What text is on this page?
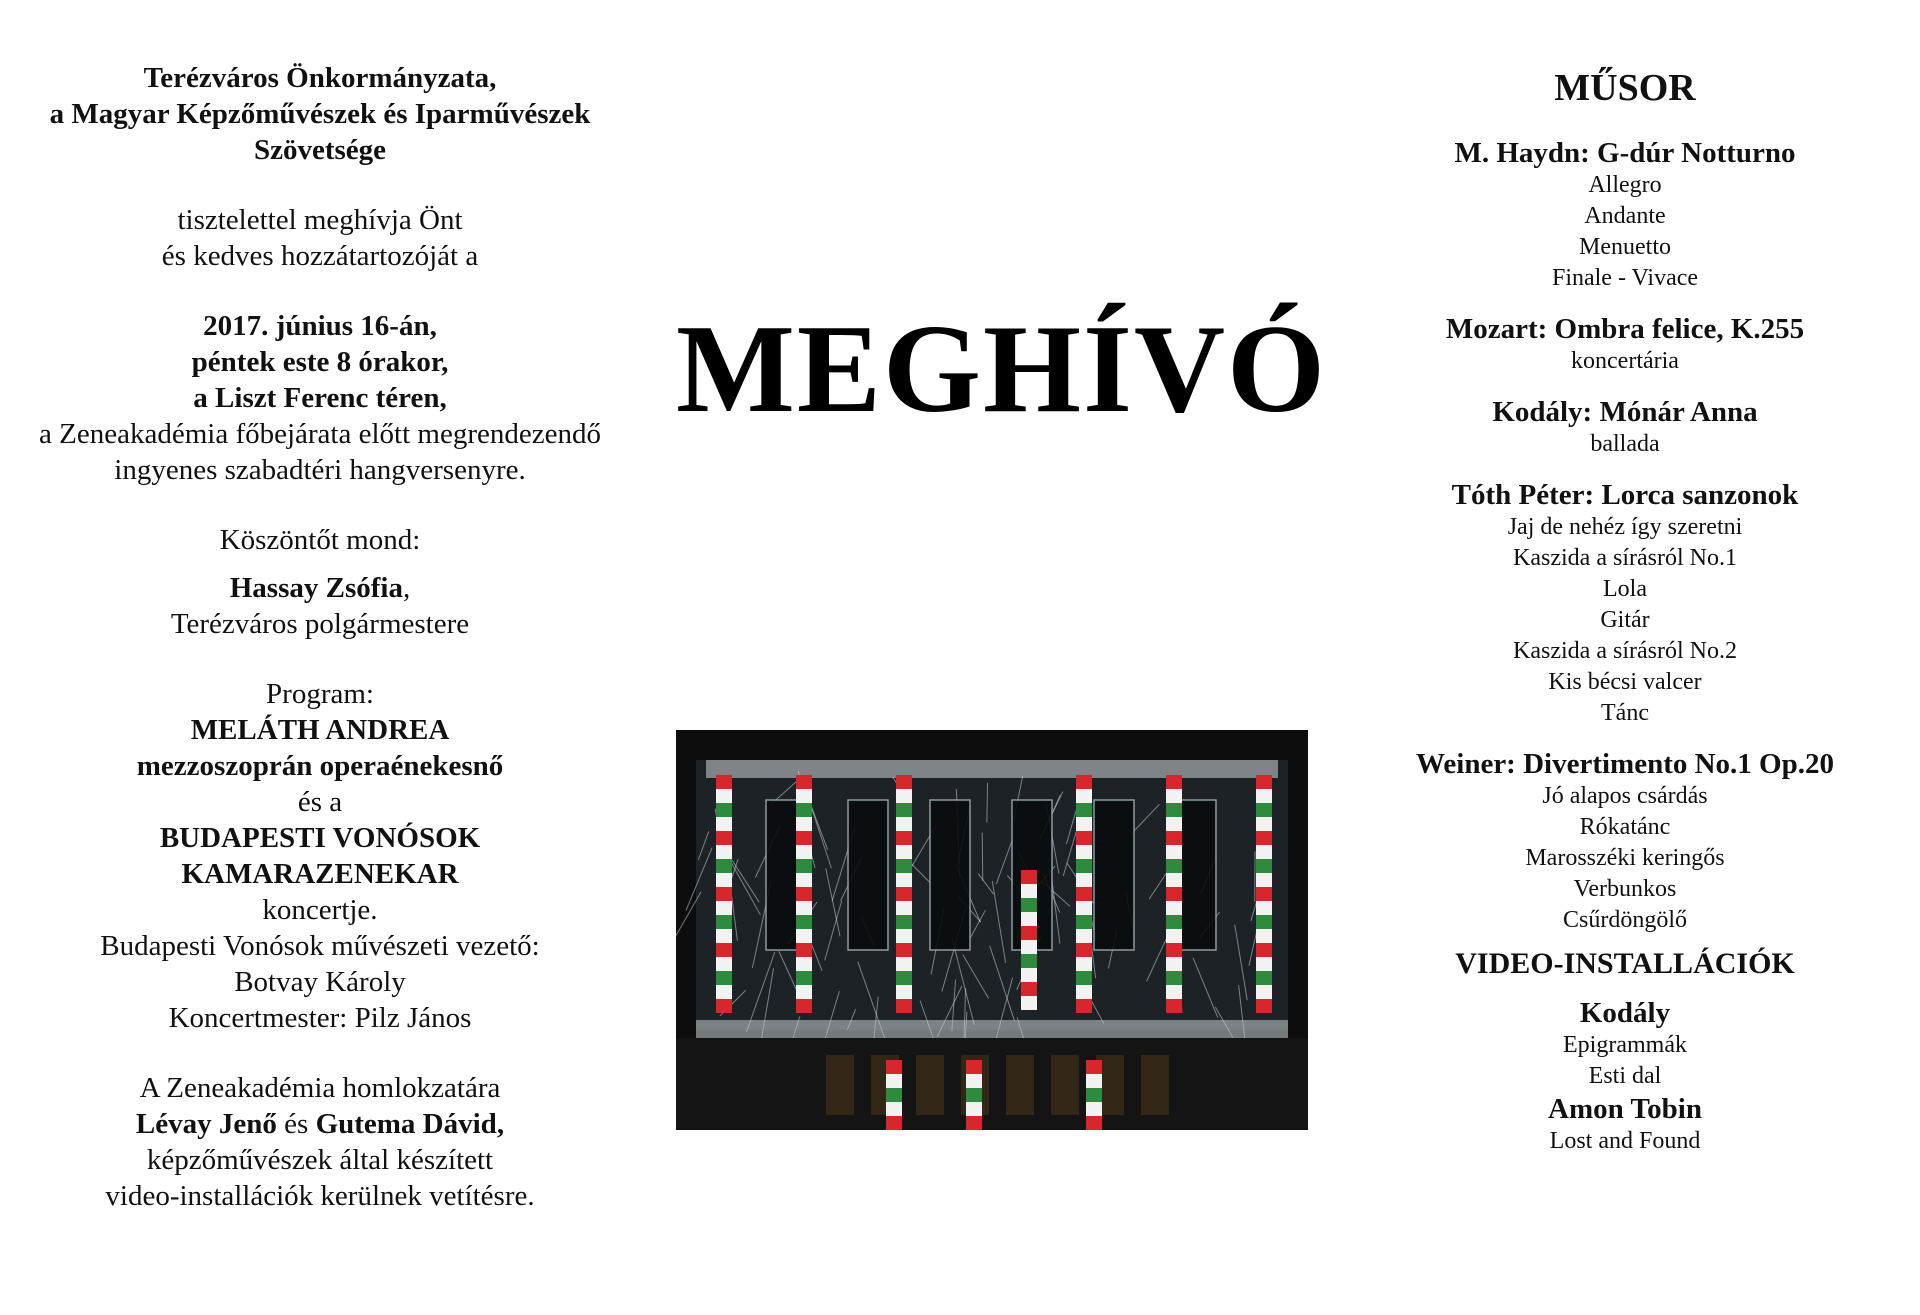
Terézváros Önkormányzata,
a Magyar Képzőművészek és Iparművészek
Szövetsége
tisztelettel meghívja Önt
és kedves hozzátartozóját a
2017. június 16-án,
péntek este 8 órakor,
a Liszt Ferenc téren,
a Zeneakadémia főbejárata előtt megrendezendő
ingyenes szabadtéri hangversenyre.
Köszöntőt mond:
Hassay Zsófia,
Terézváros polgármestere
Program:
MELÁTH ANDREA
mezzoszoprán operaénekesnő
és a
BUDAPESTI VONÓSOK
KAMARAZENEKAR
koncertje.
Budapesti Vonósok művészeti vezető:
Botvay Károly
Koncertmester: Pilz János
A Zeneakadémia homlokzatára
Lévay Jenő és Gutema Dávid,
képzőművészek által készített
video-installációk kerülnek vetítésre.
MEGHÍVÓ
MŰSOR
M. Haydn: G-dúr Notturno
Allegro
Andante
Menuetto
Finale - Vivace
Mozart: Ombra felice, K.255
koncertária
Kodály: Mónár Anna
ballada
Tóth Péter: Lorca sanzonok
Jaj de nehéz így szeretni
Kaszida a sírásról No.1
Lola
Gitár
Kaszida a sírásról No.2
Kis bécsi valcer
Tánc
Weiner: Divertimento No.1 Op.20
Jó alapos csárdás
Rókatánc
Marosszéki keringős
Verbunkos
Csűrdöngölő
VIDEO-INSTALLÁCIÓK
Kodály
Epigrammák
Esti dal
Amon Tobin
Lost and Found
